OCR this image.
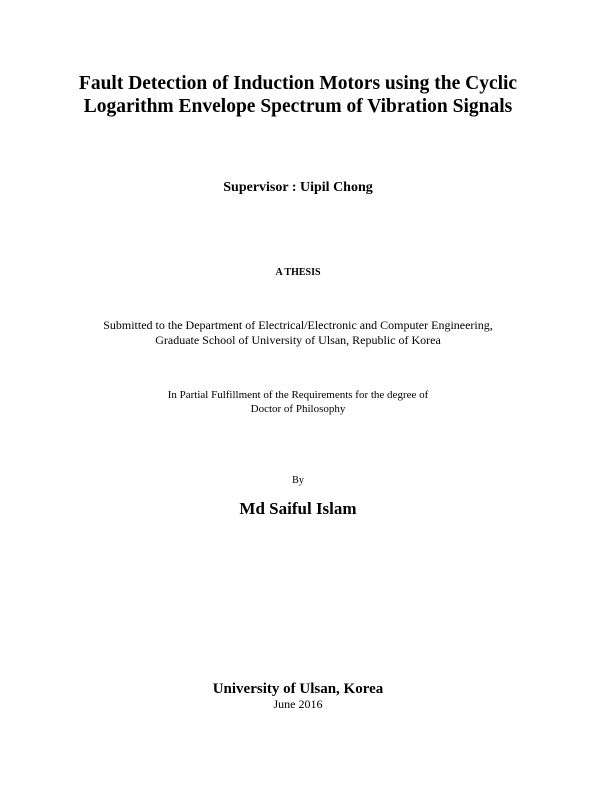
Fault Detection of Induction Motors using the Cyclic
Logarithm Envelope Spectrum of Vibration Signals

Supervisor : Uipil Chong

A THESIS

Submitted to the Department of Electrical/Electronic and Computer Engineering,
Graduate School of University of Ulsan, Republic of Korea

In Partial Fulfillment of the Requirements for the degree of
Doctor of Philosophy

By

Md Saiful Islam

University of Ulsan, Korea

June 2016
